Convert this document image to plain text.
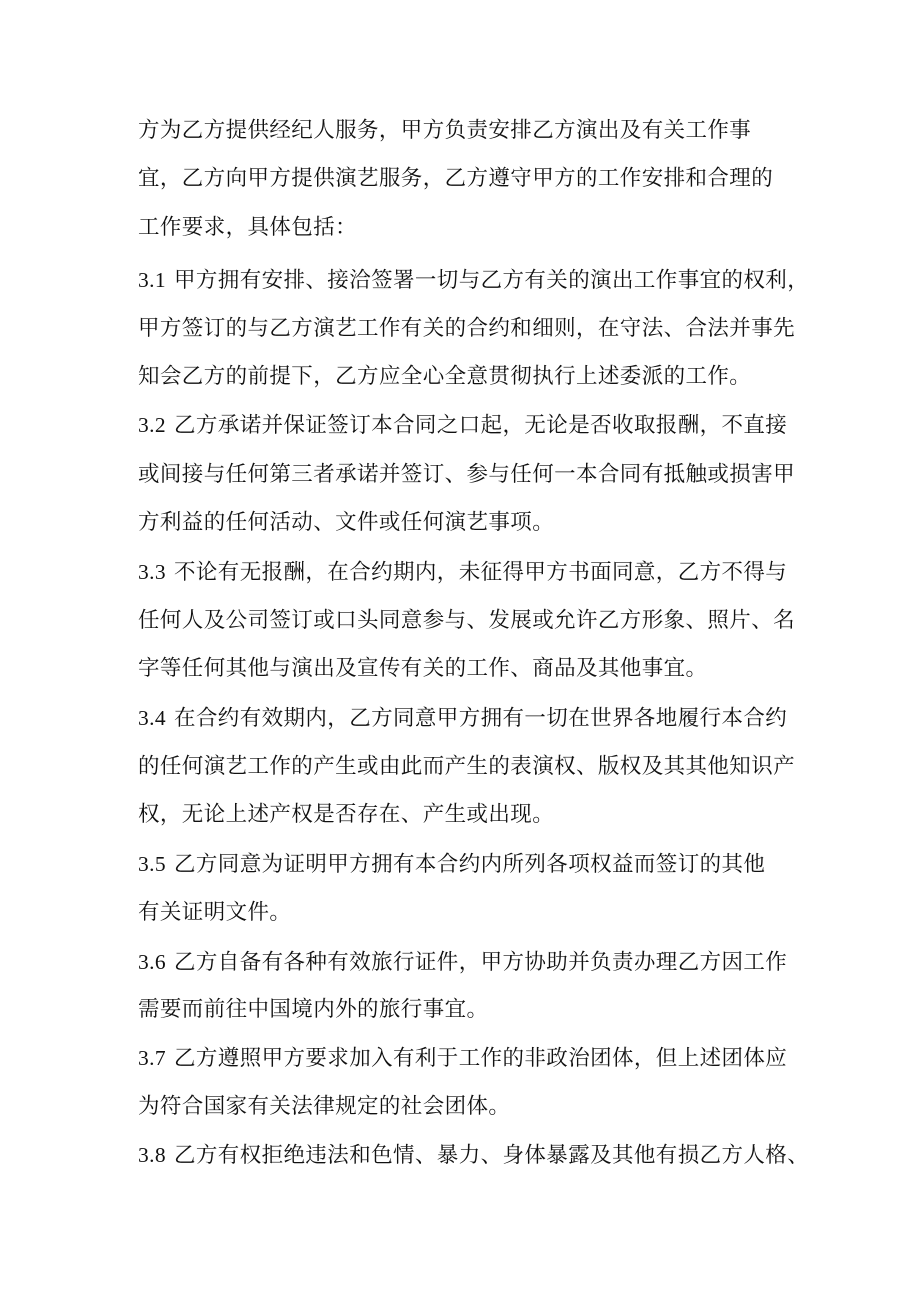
方为乙方提供经纪人服务，甲方负责安排乙方演出及有关工作事
宜，乙方向甲方提供演艺服务，乙方遵守甲方的工作安排和合理的
工作要求，具体包括：
3.1 甲方拥有安排、接洽签署一切与乙方有关的演出工作事宜的权利，
甲方签订的与乙方演艺工作有关的合约和细则，在守法、合法并事先
知会乙方的前提下，乙方应全心全意贯彻执行上述委派的工作。
3.2 乙方承诺并保证签订本合同之口起，无论是否收取报酬，不直接
或间接与任何第三者承诺并签订、参与任何一本合同有抵触或损害甲
方利益的任何活动、文件或任何演艺事项。
3.3 不论有无报酬，在合约期内，未征得甲方书面同意，乙方不得与
任何人及公司签订或口头同意参与、发展或允许乙方形象、照片、名
字等任何其他与演出及宣传有关的工作、商品及其他事宜。
3.4 在合约有效期内，乙方同意甲方拥有一切在世界各地履行本合约
的任何演艺工作的产生或由此而产生的表演权、版权及其其他知识产
权，无论上述产权是否存在、产生或出现。
3.5 乙方同意为证明甲方拥有本合约内所列各项权益而签订的其他
有关证明文件。
3.6 乙方自备有各种有效旅行证件，甲方协助并负责办理乙方因工作
需要而前往中国境内外的旅行事宜。
3.7 乙方遵照甲方要求加入有利于工作的非政治团体，但上述团体应
为符合国家有关法律规定的社会团体。
3.8 乙方有权拒绝违法和色情、暴力、身体暴露及其他有损乙方人格、
